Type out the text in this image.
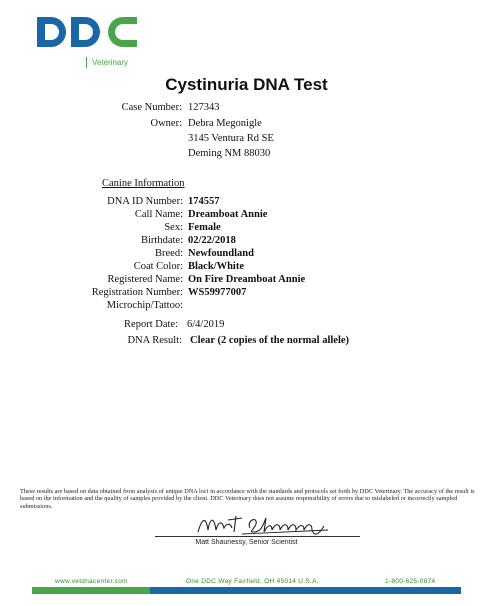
Veterinary
Cystinuria DNA Test
Case Number: 127343
Owner: Debra Megonigle
3145 Ventura Rd SE
Deming NM 88030
Canine Information
DNA ID Number: 174557
Call Name: Dreamboat Annie
Sex: Female
Birthdate: 02/22/2018
Breed: Newfoundland
Coat Color: Black/White
Registered Name: On Fire Dreamboat Annie
Registration Number: WS59977007
Microchip/Tattoo:
Report Date: 6/4/2019
DNA Result: Clear (2 copies of the normal allele)
These results are based on data obtained from analysis of unique DNA loci in accordance with the standards and protocols set forth by DDC Veterinary. The accuracy of the result is based on the information and the quality of samples provided by the client. DDC Veterinary does not assume responsibility of errors due to mislabeled or incorrectly sampled submissions.
Matt Shaunessy, Senior Scientist
www.vetdnacenter.com	One DDC Way Fairfield, OH 45014 U.S.A.	1-800-625-0874
